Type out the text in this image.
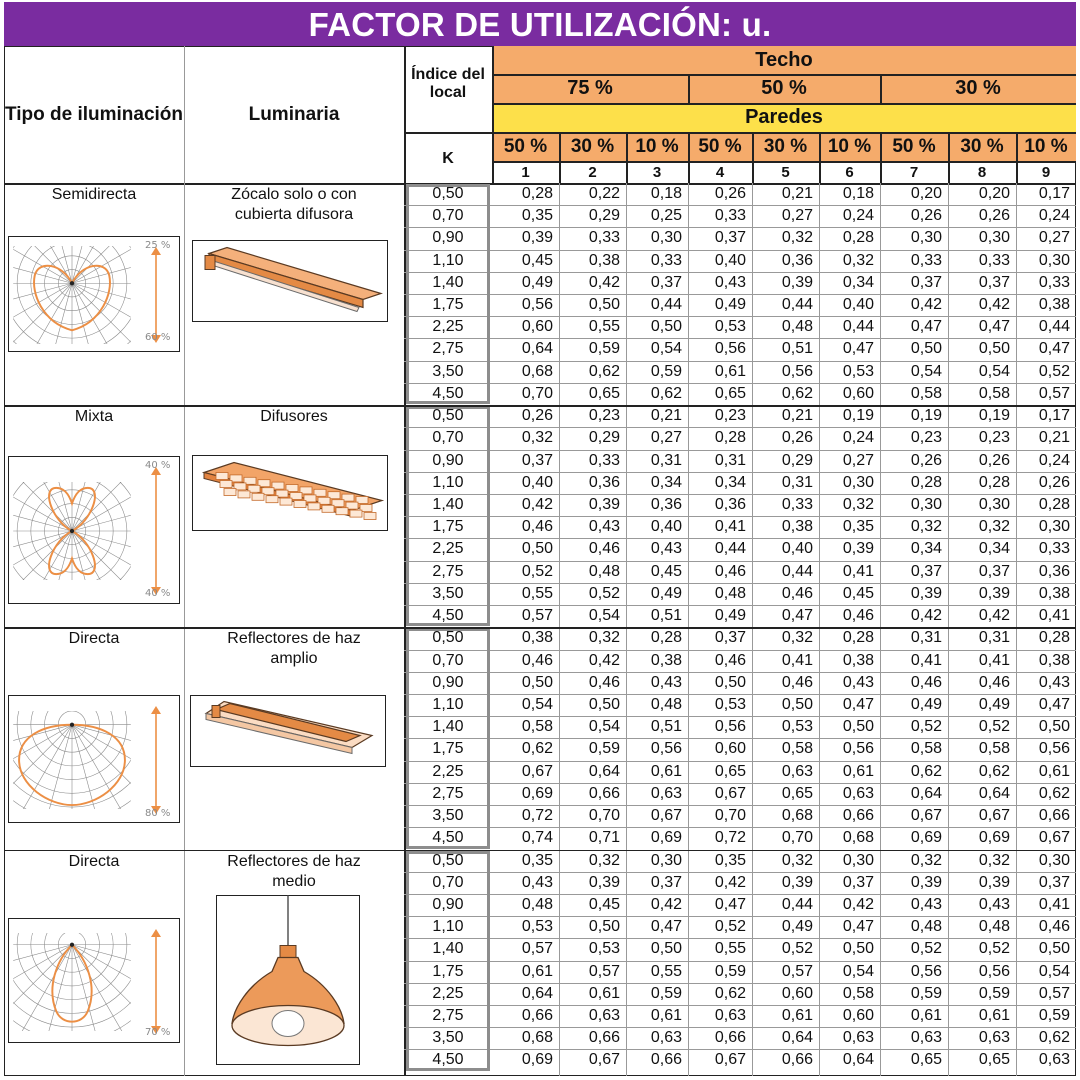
FACTOR DE UTILIZACIÓN: u.
Tipo de iluminación	Luminaria
Índice del local
K
Techo
75 %	50 %	30 %
Paredes
50 %
1
30 %
2
10 %
3
50 %
4
30 %
5
10 %
6
50 %
7
30 %
8
10 %
9
Semidirecta	Zócalo solo o con cubierta difusora
25 %
60 %
0,50	0,28	0,22	0,18	0,26	0,21	0,18	0,20	0,20	0,17
0,70	0,35	0,29	0,25	0,33	0,27	0,24	0,26	0,26	0,24
0,90	0,39	0,33	0,30	0,37	0,32	0,28	0,30	0,30	0,27
1,10	0,45	0,38	0,33	0,40	0,36	0,32	0,33	0,33	0,30
1,40	0,49	0,42	0,37	0,43	0,39	0,34	0,37	0,37	0,33
1,75	0,56	0,50	0,44	0,49	0,44	0,40	0,42	0,42	0,38
2,25	0,60	0,55	0,50	0,53	0,48	0,44	0,47	0,47	0,44
2,75	0,64	0,59	0,54	0,56	0,51	0,47	0,50	0,50	0,47
3,50	0,68	0,62	0,59	0,61	0,56	0,53	0,54	0,54	0,52
4,50	0,70	0,65	0,62	0,65	0,62	0,60	0,58	0,58	0,57
Mixta	Difusores
40 %
40 %
0,50	0,26	0,23	0,21	0,23	0,21	0,19	0,19	0,19	0,17
0,70	0,32	0,29	0,27	0,28	0,26	0,24	0,23	0,23	0,21
0,90	0,37	0,33	0,31	0,31	0,29	0,27	0,26	0,26	0,24
1,10	0,40	0,36	0,34	0,34	0,31	0,30	0,28	0,28	0,26
1,40	0,42	0,39	0,36	0,36	0,33	0,32	0,30	0,30	0,28
1,75	0,46	0,43	0,40	0,41	0,38	0,35	0,32	0,32	0,30
2,25	0,50	0,46	0,43	0,44	0,40	0,39	0,34	0,34	0,33
2,75	0,52	0,48	0,45	0,46	0,44	0,41	0,37	0,37	0,36
3,50	0,55	0,52	0,49	0,48	0,46	0,45	0,39	0,39	0,38
4,50	0,57	0,54	0,51	0,49	0,47	0,46	0,42	0,42	0,41
Directa	Reflectores de haz amplio
80 %
0,50	0,38	0,32	0,28	0,37	0,32	0,28	0,31	0,31	0,28
0,70	0,46	0,42	0,38	0,46	0,41	0,38	0,41	0,41	0,38
0,90	0,50	0,46	0,43	0,50	0,46	0,43	0,46	0,46	0,43
1,10	0,54	0,50	0,48	0,53	0,50	0,47	0,49	0,49	0,47
1,40	0,58	0,54	0,51	0,56	0,53	0,50	0,52	0,52	0,50
1,75	0,62	0,59	0,56	0,60	0,58	0,56	0,58	0,58	0,56
2,25	0,67	0,64	0,61	0,65	0,63	0,61	0,62	0,62	0,61
2,75	0,69	0,66	0,63	0,67	0,65	0,63	0,64	0,64	0,62
3,50	0,72	0,70	0,67	0,70	0,68	0,66	0,67	0,67	0,66
4,50	0,74	0,71	0,69	0,72	0,70	0,68	0,69	0,69	0,67
Directa	Reflectores de haz medio
70 %
0,50	0,35	0,32	0,30	0,35	0,32	0,30	0,32	0,32	0,30
0,70	0,43	0,39	0,37	0,42	0,39	0,37	0,39	0,39	0,37
0,90	0,48	0,45	0,42	0,47	0,44	0,42	0,43	0,43	0,41
1,10	0,53	0,50	0,47	0,52	0,49	0,47	0,48	0,48	0,46
1,40	0,57	0,53	0,50	0,55	0,52	0,50	0,52	0,52	0,50
1,75	0,61	0,57	0,55	0,59	0,57	0,54	0,56	0,56	0,54
2,25	0,64	0,61	0,59	0,62	0,60	0,58	0,59	0,59	0,57
2,75	0,66	0,63	0,61	0,63	0,61	0,60	0,61	0,61	0,59
3,50	0,68	0,66	0,63	0,66	0,64	0,63	0,63	0,63	0,62
4,50	0,69	0,67	0,66	0,67	0,66	0,64	0,65	0,65	0,63
